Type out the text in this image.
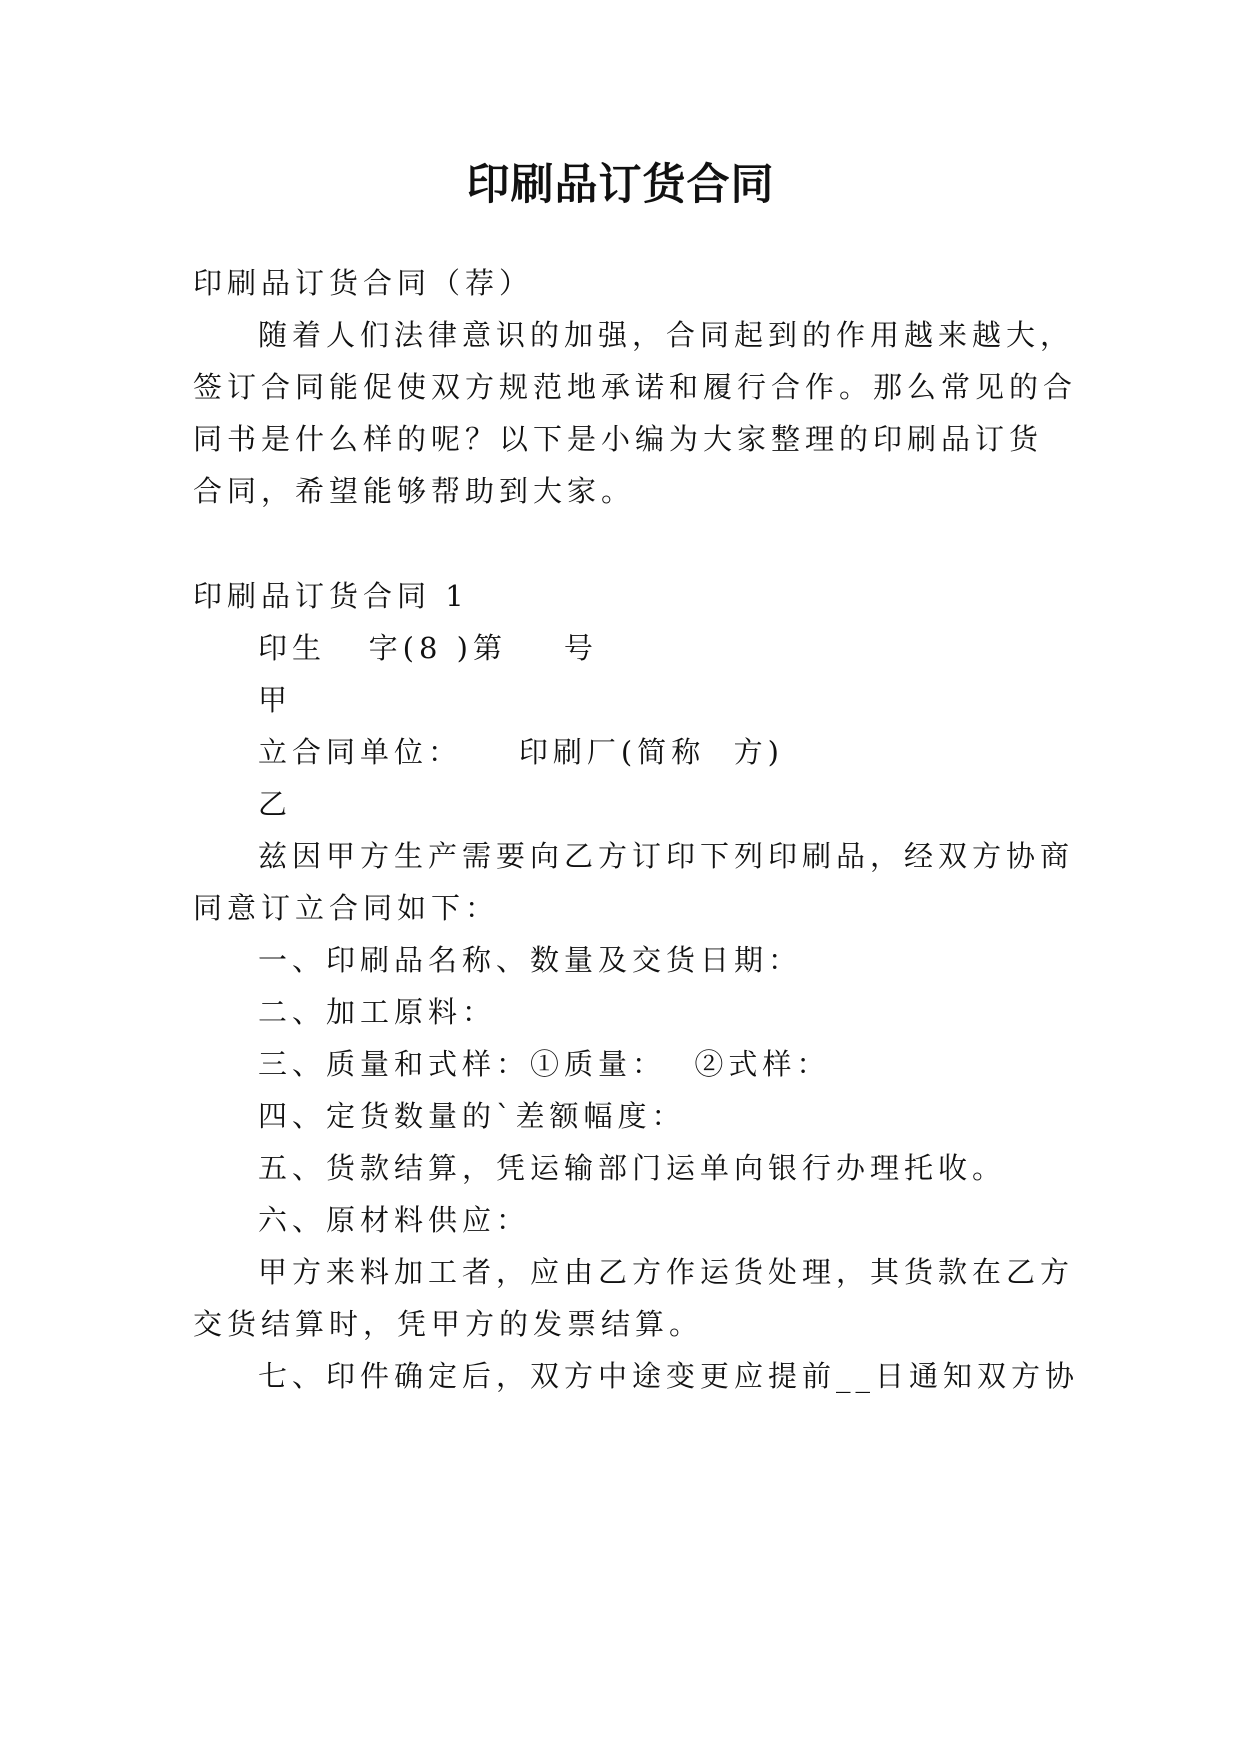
印刷品订货合同

印刷品订货合同（荐）

随着人们法律意识的加强，合同起到的作用越来越大，

签订合同能促使双方规范地承诺和履行合作。那么常见的合

同书是什么样的呢？以下是小编为大家整理的印刷品订货

合同，希望能够帮助到大家。

印刷品订货合同 1

印生   字(8 )第    号

甲

立合同单位：    印刷厂(简称  方)

乙

兹因甲方生产需要向乙方订印下列印刷品，经双方协商

同意订立合同如下：

一、印刷品名称、数量及交货日期：

二、加工原料：

三、质量和式样：①质量：  ②式样：

四、定货数量的`差额幅度：

五、货款结算，凭运输部门运单向银行办理托收。

六、原材料供应：

甲方来料加工者，应由乙方作运货处理，其货款在乙方

交货结算时，凭甲方的发票结算。

七、印件确定后，双方中途变更应提前__日通知双方协
